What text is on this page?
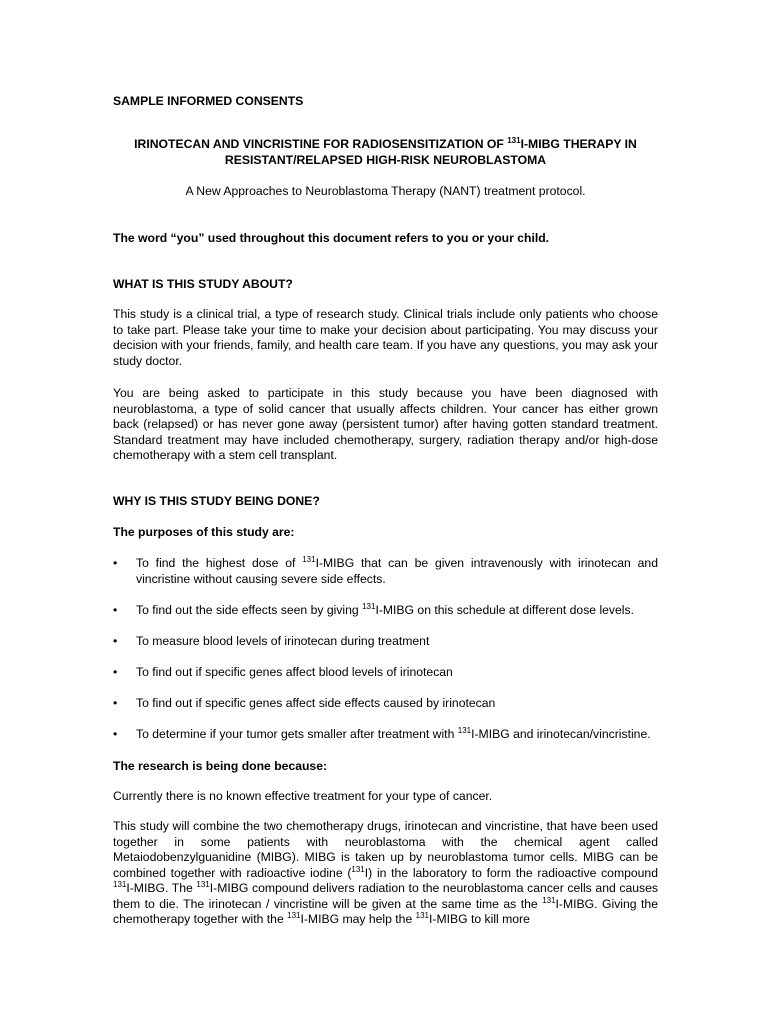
SAMPLE INFORMED CONSENTS

IRINOTECAN AND VINCRISTINE FOR RADIOSENSITIZATION OF $^{131}$I-MIBG THERAPY IN
RESISTANT/RELAPSED HIGH-RISK NEUROBLASTOMA

A New Approaches to Neuroblastoma Therapy (NANT) treatment protocol.

The word “you” used throughout this document refers to you or your child.

WHAT IS THIS STUDY ABOUT?

This study is a clinical trial, a type of research study. Clinical trials include only patients who choose to take part. Please take your time to make your decision about participating. You may discuss your decision with your friends, family, and health care team. If you have any questions, you may ask your study doctor.

You are being asked to participate in this study because you have been diagnosed with neuroblastoma, a type of solid cancer that usually affects children. Your cancer has either grown back (relapsed) or has never gone away (persistent tumor) after having gotten standard treatment. Standard treatment may have included chemotherapy, surgery, radiation therapy and/or high-dose chemotherapy with a stem cell transplant.

WHY IS THIS STUDY BEING DONE?

The purposes of this study are:

•	To find the highest dose of $^{131}$I-MIBG that can be given intravenously with irinotecan and vincristine without causing severe side effects.
•	To find out the side effects seen by giving $^{131}$I-MIBG on this schedule at different dose levels.
•	To measure blood levels of irinotecan during treatment
•	To find out if specific genes affect blood levels of irinotecan
•	To find out if specific genes affect side effects caused by irinotecan
•	To determine if your tumor gets smaller after treatment with $^{131}$I-MIBG and irinotecan/vincristine.

The research is being done because:

Currently there is no known effective treatment for your type of cancer.

This study will combine the two chemotherapy drugs, irinotecan and vincristine, that have been used together in some patients with neuroblastoma with the chemical agent called Metaiodobenzylguanidine (MIBG). MIBG is taken up by neuroblastoma tumor cells. MIBG can be combined together with radioactive iodine ($^{131}$I) in the laboratory to form the radioactive compound $^{131}$I-MIBG. The $^{131}$I-MIBG compound delivers radiation to the neuroblastoma cancer cells and causes them to die. The irinotecan / vincristine will be given at the same time as the $^{131}$I-MIBG. Giving the chemotherapy together with the $^{131}$I-MIBG may help the $^{131}$I-MIBG to kill more
